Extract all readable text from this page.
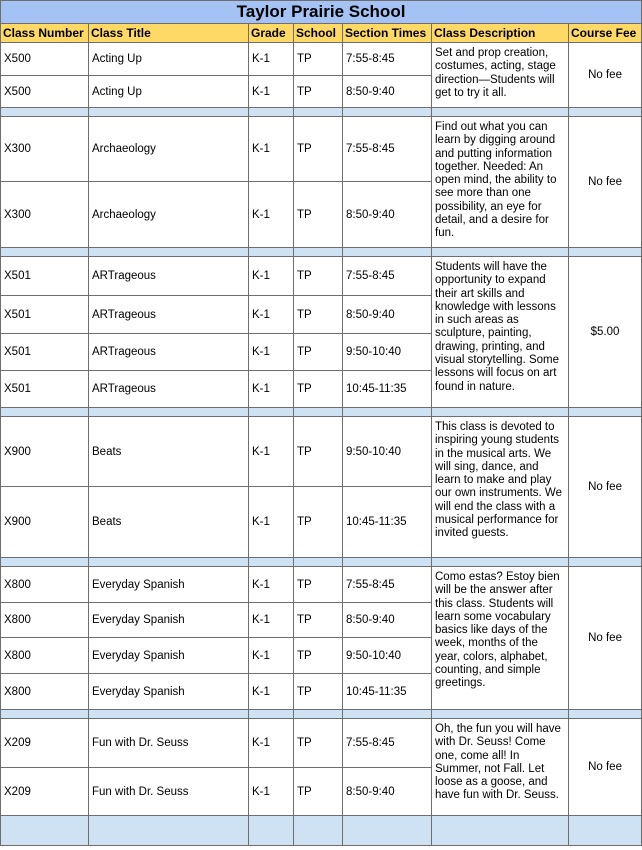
Taylor Prairie School						
Class Number	Class Title	Grade	School	Section Times	Class Description	Course Fee
X500	Acting Up	K-1	TP	7:55-8:45	Set and prop creation, costumes, acting, stage direction—Students will get to try it all.	No fee
X500	Acting Up	K-1	TP	8:50-9:40		

X300	Archaeology	K-1	TP	7:55-8:45	Find out what you can learn by digging around and putting information together. Needed: An open mind, the ability to see more than one possibility, an eye for detail, and a desire for fun.	No fee
X300	Archaeology	K-1	TP	8:50-9:40		

X501	ARTrageous	K-1	TP	7:55-8:45	Students will have the opportunity to expand their art skills and knowledge with lessons in such areas as sculpture, painting, drawing, printing, and visual storytelling. Some lessons will focus on art found in nature.	$5.00
X501	ARTrageous	K-1	TP	8:50-9:40		
X501	ARTrageous	K-1	TP	9:50-10:40		
X501	ARTrageous	K-1	TP	10:45-11:35		

X900	Beats	K-1	TP	9:50-10:40	This class is devoted to inspiring young students in the musical arts. We will sing, dance, and learn to make and play our own instruments. We will end the class with a musical performance for invited guests.	No fee
X900	Beats	K-1	TP	10:45-11:35		

X800	Everyday Spanish	K-1	TP	7:55-8:45	Como estas? Estoy bien will be the answer after this class. Students will learn some vocabulary basics like days of the week, months of the year, colors, alphabet, counting, and simple greetings.	No fee
X800	Everyday Spanish	K-1	TP	8:50-9:40		
X800	Everyday Spanish	K-1	TP	9:50-10:40		
X800	Everyday Spanish	K-1	TP	10:45-11:35		

X209	Fun with Dr. Seuss	K-1	TP	7:55-8:45	Oh, the fun you will have with Dr. Seuss! Come one, come all! In Summer, not Fall. Let loose as a goose, and have fun with Dr. Seuss.	No fee
X209	Fun with Dr. Seuss	K-1	TP	8:50-9:40		
